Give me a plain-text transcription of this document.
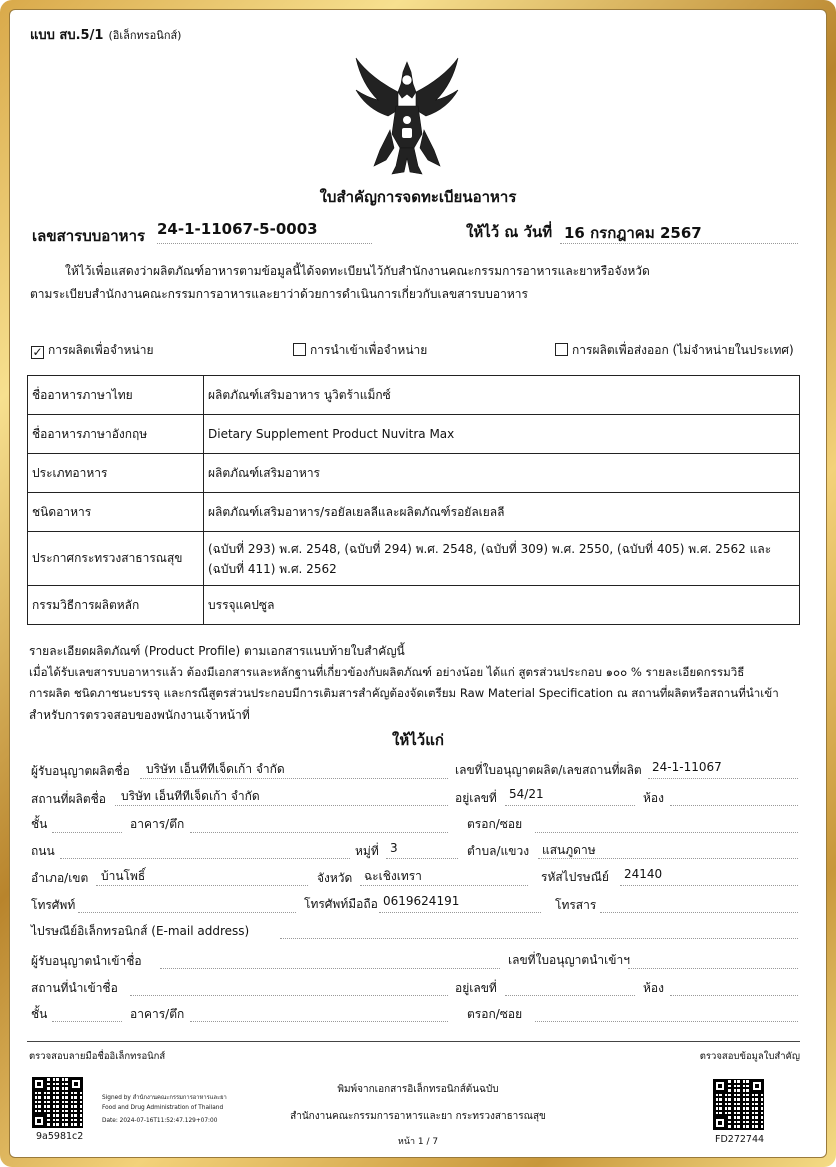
แบบ สบ.5/1 (อิเล็กทรอนิกส์)
ใบสำคัญการจดทะเบียนอาหาร
เลขสารบบอาหาร 24-1-11067-5-0003	ให้ไว้ ณ วันที่ 16 กรกฎาคม 2567
ให้ไว้เพื่อแสดงว่าผลิตภัณฑ์อาหารตามข้อมูลนี้ได้จดทะเบียนไว้กับสำนักงานคณะกรรมการอาหารและยาหรือจังหวัด
ตามระเบียบสำนักงานคณะกรรมการอาหารและยาว่าด้วยการดำเนินการเกี่ยวกับเลขสารบบอาหาร
✓ การผลิตเพื่อจำหน่าย	การนำเข้าเพื่อจำหน่าย	การผลิตเพื่อส่งออก (ไม่จำหน่ายในประเทศ)
ชื่ออาหารภาษาไทย	ผลิตภัณฑ์เสริมอาหาร นูวิตร้าแม็กซ์
ชื่ออาหารภาษาอังกฤษ	Dietary Supplement Product Nuvitra Max
ประเภทอาหาร	ผลิตภัณฑ์เสริมอาหาร
ชนิดอาหาร	ผลิตภัณฑ์เสริมอาหาร/รอยัลเยลลีและผลิตภัณฑ์รอยัลเยลลี
ประกาศกระทรวงสาธารณสุข	(ฉบับที่ 293) พ.ศ. 2548, (ฉบับที่ 294) พ.ศ. 2548, (ฉบับที่ 309) พ.ศ. 2550, (ฉบับที่ 405) พ.ศ. 2562 และ (ฉบับที่ 411) พ.ศ. 2562
กรรมวิธีการผลิตหลัก	บรรจุแคปซูล
รายละเอียดผลิตภัณฑ์ (Product Profile) ตามเอกสารแนบท้ายใบสำคัญนี้
เมื่อได้รับเลขสารบบอาหารแล้ว ต้องมีเอกสารและหลักฐานที่เกี่ยวข้องกับผลิตภัณฑ์ อย่างน้อย ได้แก่ สูตรส่วนประกอบ ๑๐๐ % รายละเอียดกรรมวิธี
การผลิต ชนิดภาชนะบรรจุ และกรณีสูตรส่วนประกอบมีการเติมสารสำคัญต้องจัดเตรียม Raw Material Specification ณ สถานที่ผลิตหรือสถานที่นำเข้า
สำหรับการตรวจสอบของพนักงานเจ้าหน้าที่
ให้ไว้แก่
ผู้รับอนุญาตผลิตชื่อ บริษัท เอ็นทีทีเจ็ดเก้า จำกัด	เลขที่ใบอนุญาตผลิต/เลขสถานที่ผลิต 24-1-11067
สถานที่ผลิตชื่อ บริษัท เอ็นทีทีเจ็ดเก้า จำกัด	อยู่เลขที่ 54/21	ห้อง
ชั้น	อาคาร/ตึก	ตรอก/ซอย
ถนน	หมู่ที่ 3	ตำบล/แขวง แสนภูดาษ
อำเภอ/เขต บ้านโพธิ์	จังหวัด ฉะเชิงเทรา	รหัสไปรษณีย์ 24140
โทรศัพท์	โทรศัพท์มือถือ 0619624191	โทรสาร
ไปรษณีย์อิเล็กทรอนิกส์ (E-mail address)
ผู้รับอนุญาตนำเข้าชื่อ	เลขที่ใบอนุญาตนำเข้าฯ
สถานที่นำเข้าชื่อ	อยู่เลขที่	ห้อง
ชั้น	อาคาร/ตึก	ตรอก/ซอย
ตรวจสอบลายมือชื่ออิเล็กทรอนิกส์	ตรวจสอบข้อมูลใบสำคัญ
9a5981c2
Signed by สำนักงานคณะกรรมการอาหารและยา
Food and Drug Administration of Thailand
Date: 2024-07-16T11:52:47.129+07:00
พิมพ์จากเอกสารอิเล็กทรอนิกส์ต้นฉบับ
สำนักงานคณะกรรมการอาหารและยา กระทรวงสาธารณสุข
หน้า 1 / 7	FD272744
